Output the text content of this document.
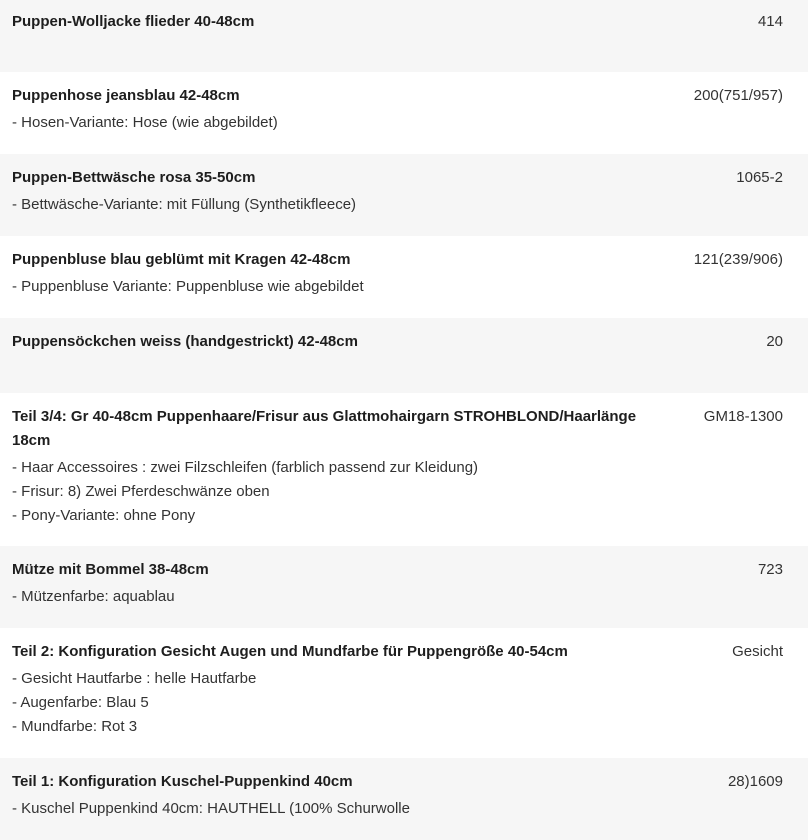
Puppen-Wolljacke flieder 40-48cm	414
Puppenhose jeansblau 42-48cm
- Hosen-Variante: Hose (wie abgebildet)
200(751/957)
Puppen-Bettwäsche rosa 35-50cm
- Bettwäsche-Variante: mit Füllung (Synthetikfleece)
1065-2
Puppenbluse blau geblümt mit Kragen 42-48cm
- Puppenbluse Variante: Puppenbluse wie abgebildet
121(239/906)
Puppensöckchen weiss (handgestrickt) 42-48cm	20
Teil 3/4: Gr 40-48cm Puppenhaare/Frisur aus Glattmohairgarn STROHBLOND/Haarlänge 18cm
- Haar Accessoires : zwei Filzschleifen (farblich passend zur Kleidung)
- Frisur: 8) Zwei Pferdeschwänze oben
- Pony-Variante: ohne Pony
GM18-1300
Mütze mit Bommel 38-48cm
- Mützenfarbe: aquablau
723
Teil 2: Konfiguration Gesicht Augen und Mundfarbe für Puppengröße 40-54cm
- Gesicht Hautfarbe : helle Hautfarbe
- Augenfarbe: Blau 5
- Mundfarbe: Rot 3
Gesicht
Teil 1: Konfiguration Kuschel-Puppenkind 40cm
- Kuschel Puppenkind 40cm: HAUTHELL (100% Schurwolle
28)1609
